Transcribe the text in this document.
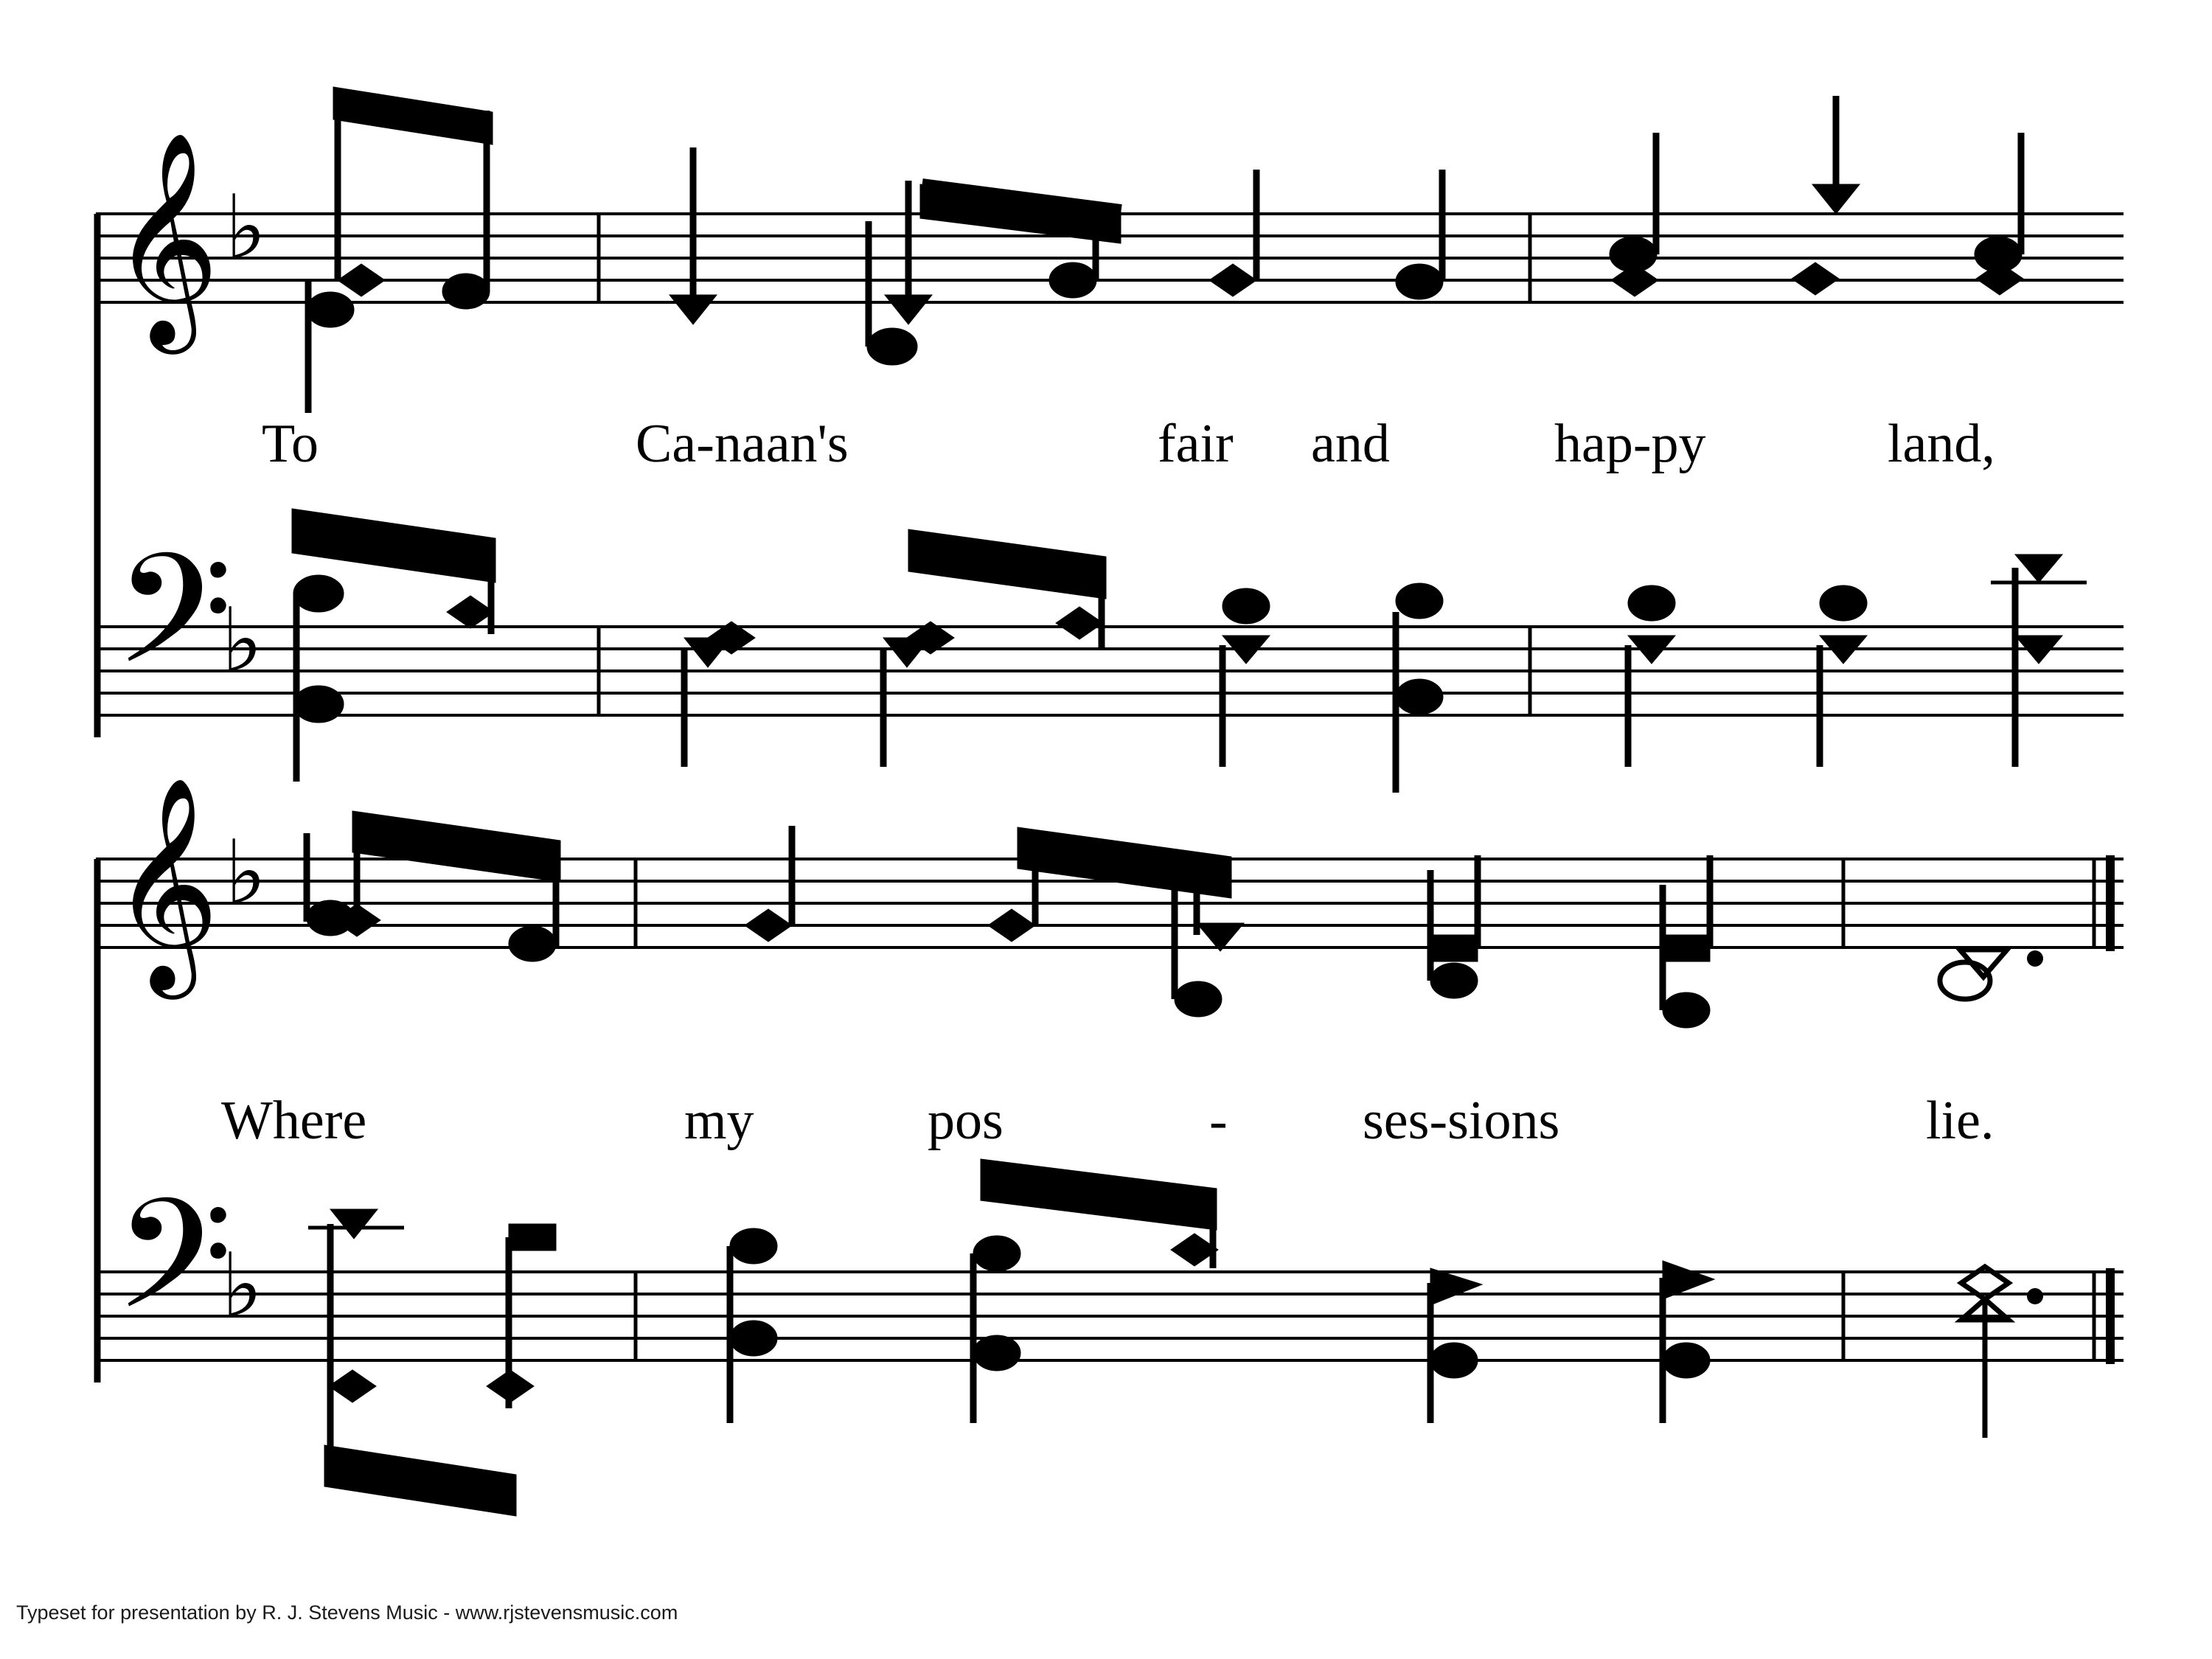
𝄞
𝄞
𝄢
𝄢
♭
♭
♭
♭
To	Ca-naan's	fair and	hap-py	land,
Where	my	pos	- ses-sions	lie.
Typeset for presentation by R. J. Stevens Music - www.rjstevensmusic.com
